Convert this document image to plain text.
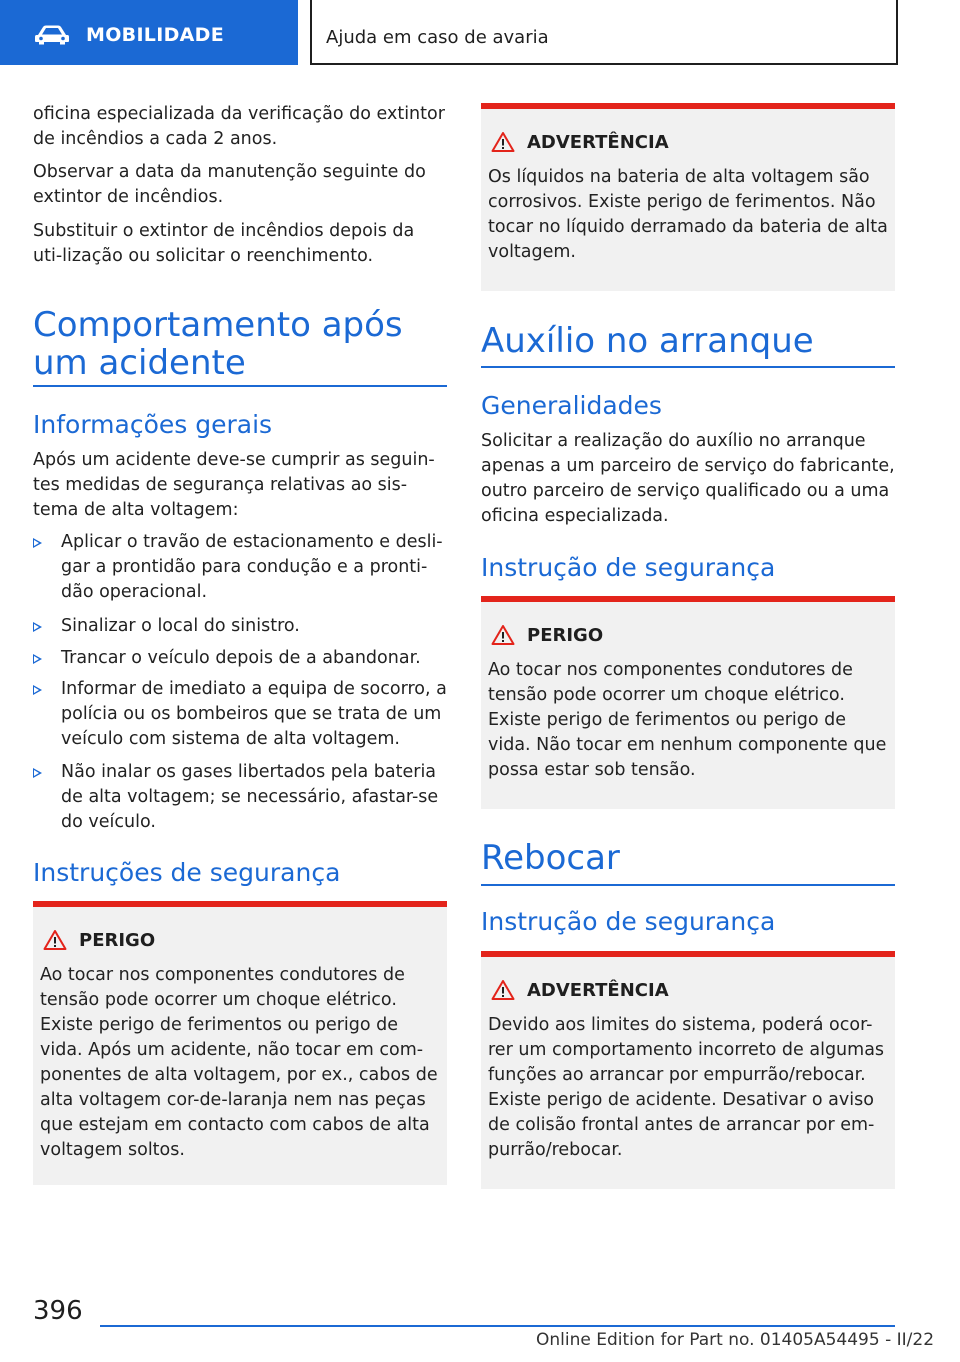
MOBILIDADE	Ajuda em caso de avaria

oficina especializada da verificação do extintor de incêndios a cada 2 anos.

Observar a data da manutenção seguinte do extintor de incêndios.

Substituir o extintor de incêndios depois da uti-lização ou solicitar o reenchimento.

Comportamento após um acidente
Informações gerais

Após um acidente deve-se cumprir as seguin-tes medidas de segurança relativas ao sis-tema de alta voltagem:

Aplicar o travão de estacionamento e desli-gar a prontidão para condução e a pronti-dão operacional.
Sinalizar o local do sinistro.
Trancar o veículo depois de a abandonar.
Informar de imediato a equipa de socorro, a polícia ou os bombeiros que se trata de um veículo com sistema de alta voltagem.
Não inalar os gases libertados pela bateria de alta voltagem; se necessário, afastar-se do veículo.
Instruções de segurança
PERIGO
Ao tocar nos componentes condutores de tensão pode ocorrer um choque elétrico. Existe perigo de ferimentos ou perigo de vida. Após um acidente, não tocar em com-ponentes de alta voltagem, por ex., cabos de alta voltagem cor-de-laranja nem nas peças que estejam em contacto com cabos de alta voltagem soltos.
ADVERTÊNCIA
Os líquidos na bateria de alta voltagem são corrosivos. Existe perigo de ferimentos. Não tocar no líquido derramado da bateria de alta voltagem.
Auxílio no arranque
Generalidades

Solicitar a realização do auxílio no arranque apenas a um parceiro de serviço do fabricante, outro parceiro de serviço qualificado ou a uma oficina especializada.

Instrução de segurança
PERIGO
Ao tocar nos componentes condutores de tensão pode ocorrer um choque elétrico. Existe perigo de ferimentos ou perigo de vida. Não tocar em nenhum componente que possa estar sob tensão.
Rebocar
Instrução de segurança
ADVERTÊNCIA
Devido aos limites do sistema, poderá ocor-rer um comportamento incorreto de algumas funções ao arrancar por empurrão/rebocar. Existe perigo de acidente. Desativar o aviso de colisão frontal antes de arrancar por em-purrão/rebocar.
396
Online Edition for Part no. 01405A54495 - II/22
